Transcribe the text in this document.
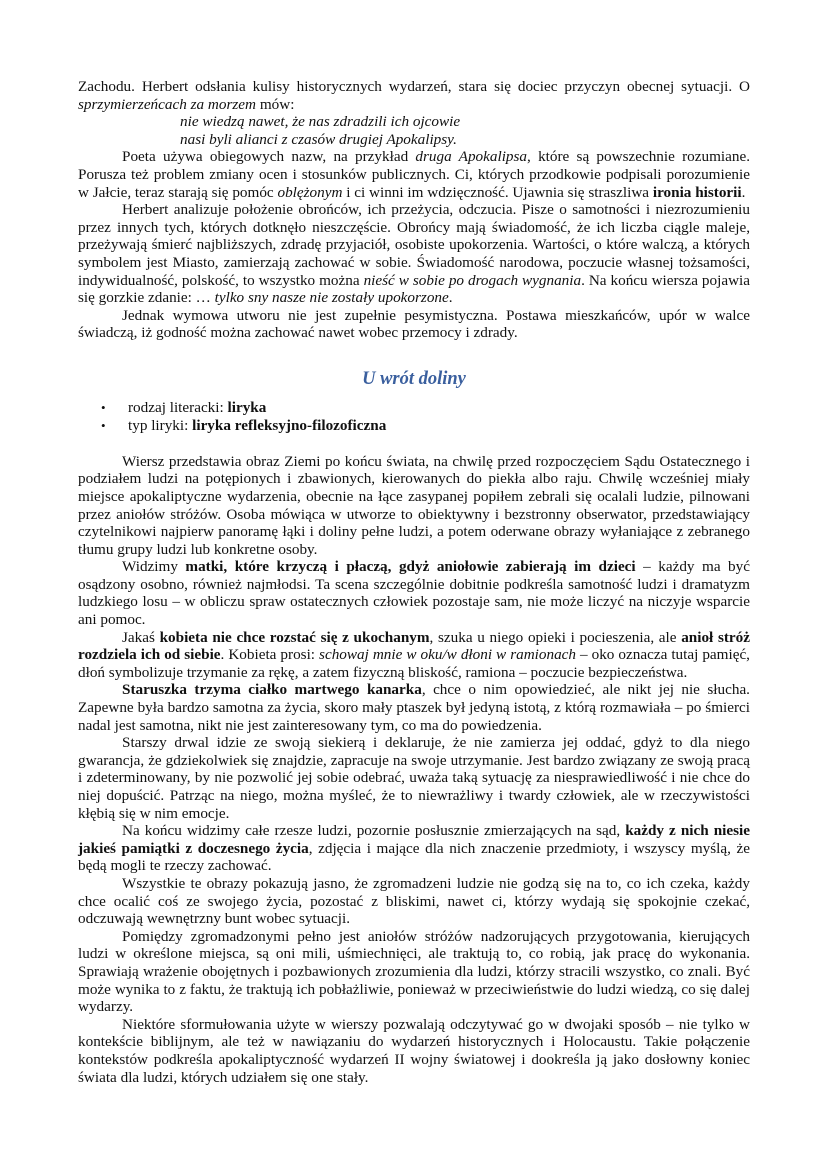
Zachodu. Herbert odsłania kulisy historycznych wydarzeń, stara się dociec przyczyn obecnej sytuacji. O sprzymierzeńcach za morzem mów:

nie wiedzą nawet, że nas zdradzili ich ojcowie
nasi byli alianci z czasów drugiej Apokalipsy.

Poeta używa obiegowych nazw, na przykład druga Apokalipsa, które są powszechnie rozumiane. Porusza też problem zmiany ocen i stosunków publicznych. Ci, których przodkowie podpisali porozumienie w Jałcie, teraz starają się pomóc oblężonym i ci winni im wdzięczność. Ujawnia się straszliwa ironia historii.

Herbert analizuje położenie obrońców, ich przeżycia, odczucia. Pisze o samotności i niezrozumieniu przez innych tych, których dotknęło nieszczęście. Obrońcy mają świadomość, że ich liczba ciągle maleje, przeżywają śmierć najbliższych, zdradę przyjaciół, osobiste upokorzenia. Wartości, o które walczą, a których symbolem jest Miasto, zamierzają zachować w sobie. Świadomość narodowa, poczucie własnej tożsamości, indywidualność, polskość, to wszystko można nieść w sobie po drogach wygnania. Na końcu wiersza pojawia się gorzkie zdanie: … tylko sny nasze nie zostały upokorzone.

Jednak wymowa utworu nie jest zupełnie pesymistyczna. Postawa mieszkańców, upór w walce świadczą, iż godność można zachować nawet wobec przemocy i zdrady.

U wrót doliny
• rodzaj literacki: liryka
• typ liryki: liryka refleksyjno-filozoficzna

Wiersz przedstawia obraz Ziemi po końcu świata, na chwilę przed rozpoczęciem Sądu Ostatecznego i podziałem ludzi na potępionych i zbawionych, kierowanych do piekła albo raju. Chwilę wcześniej miały miejsce apokaliptyczne wydarzenia, obecnie na łące zasypanej popiłem zebrali się ocalali ludzie, pilnowani przez aniołów stróżów. Osoba mówiąca w utworze to obiektywny i bezstronny obserwator, przedstawiający czytelnikowi najpierw panoramę łąki i doliny pełne ludzi, a potem oderwane obrazy wyłaniające z zebranego tłumu grupy ludzi lub konkretne osoby.

Widzimy matki, które krzyczą i płaczą, gdyż aniołowie zabierają im dzieci – każdy ma być osądzony osobno, również najmłodsi. Ta scena szczególnie dobitnie podkreśla samotność ludzi i dramatyzm ludzkiego losu – w obliczu spraw ostatecznych człowiek pozostaje sam, nie może liczyć na niczyje wsparcie ani pomoc.

Jakaś kobieta nie chce rozstać się z ukochanym, szuka u niego opieki i pocieszenia, ale anioł stróż rozdziela ich od siebie. Kobieta prosi: schowaj mnie w oku/w dłoni w ramionach – oko oznacza tutaj pamięć, dłoń symbolizuje trzymanie za rękę, a zatem fizyczną bliskość, ramiona – poczucie bezpieczeństwa.

Staruszka trzyma ciałko martwego kanarka, chce o nim opowiedzieć, ale nikt jej nie słucha. Zapewne była bardzo samotna za życia, skoro mały ptaszek był jedyną istotą, z którą rozmawiała – po śmierci nadal jest samotna, nikt nie jest zainteresowany tym, co ma do powiedzenia.

Starszy drwal idzie ze swoją siekierą i deklaruje, że nie zamierza jej oddać, gdyż to dla niego gwarancja, że gdziekolwiek się znajdzie, zapracuje na swoje utrzymanie. Jest bardzo związany ze swoją pracą i zdeterminowany, by nie pozwolić jej sobie odebrać, uważa taką sytuację za niesprawiedliwość i nie chce do niej dopuścić. Patrząc na niego, można myśleć, że to niewrażliwy i twardy człowiek, ale w rzeczywistości kłębią się w nim emocje.

Na końcu widzimy całe rzesze ludzi, pozornie posłusznie zmierzających na sąd, każdy z nich niesie jakieś pamiątki z doczesnego życia, zdjęcia i mające dla nich znaczenie przedmioty, i wszyscy myślą, że będą mogli te rzeczy zachować.

Wszystkie te obrazy pokazują jasno, że zgromadzeni ludzie nie godzą się na to, co ich czeka, każdy chce ocalić coś ze swojego życia, pozostać z bliskimi, nawet ci, którzy wydają się spokojnie czekać, odczuwają wewnętrzny bunt wobec sytuacji.

Pomiędzy zgromadzonymi pełno jest aniołów stróżów nadzorujących przygotowania, kierujących ludzi w określone miejsca, są oni mili, uśmiechnięci, ale traktują to, co robią, jak pracę do wykonania. Sprawiają wrażenie obojętnych i pozbawionych zrozumienia dla ludzi, którzy stracili wszystko, co znali. Być może wynika to z faktu, że traktują ich pobłażliwie, ponieważ w przeciwieństwie do ludzi wiedzą, co się dalej wydarzy.

Niektóre sformułowania użyte w wierszy pozwalają odczytywać go w dwojaki sposób – nie tylko w kontekście biblijnym, ale też w nawiązaniu do wydarzeń historycznych i Holocaustu. Takie połączenie kontekstów podkreśla apokaliptyczność wydarzeń II wojny światowej i dookreśla ją jako dosłowny koniec świata dla ludzi, których udziałem się one stały.
